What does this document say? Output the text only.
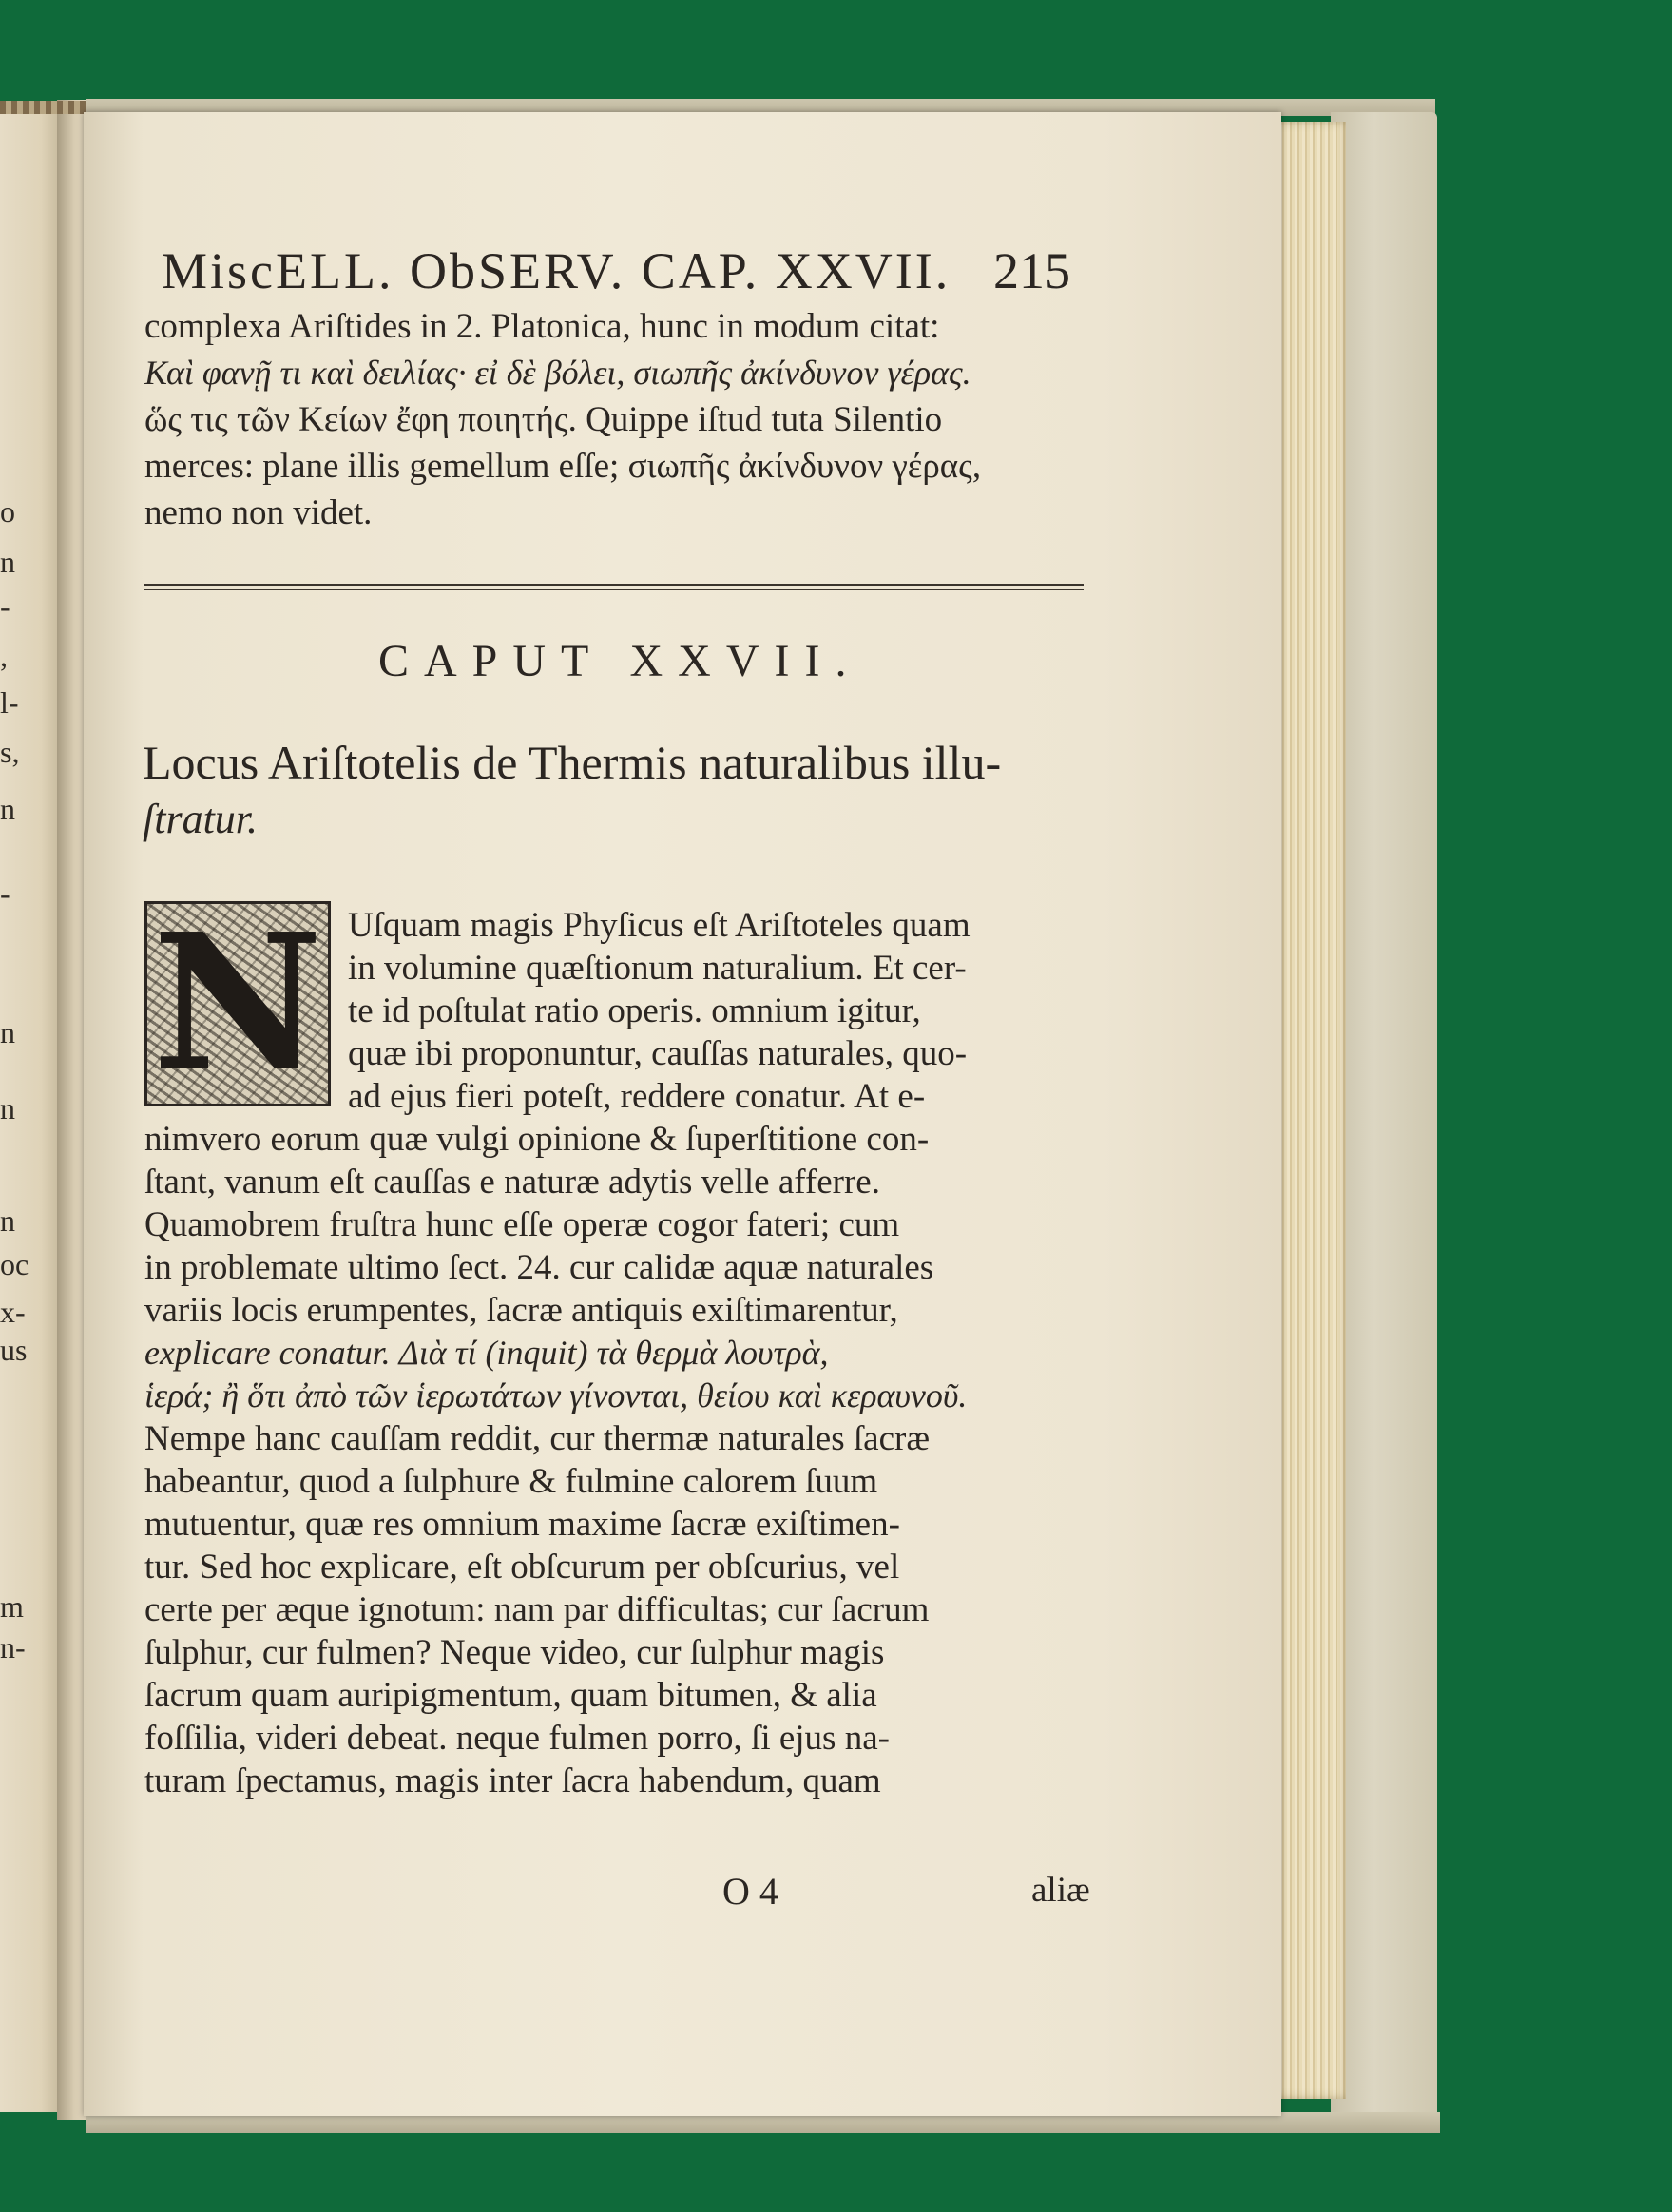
o
n
-
,
l-
s,
n
-
n
n
n
oc
x-
us
m
n-
MiscELL. ObSERV. CAP. XXVII. 215
complexa Ariſtides in 2. Platonica, hunc in modum citat:
Καὶ φανῇ τι καὶ δειλίας· εἰ δὲ βόλει, σιωπῆς ἀκίνδυνον γέρας.
ὥς τις τῶν Κείων ἔφη ποιητής. Quippe iſtud tuta Silentio
merces: plane illis gemellum eſſe; σιωπῆς ἀκίνδυνον γέρας,
nemo non videt.
CAPUT XXVII.
Locus Ariſtotelis de Thermis naturalibus illu-
ſtratur.
N Uſquam magis Phyſicus eſt Ariſtoteles quam
in volumine quæſtionum naturalium. Et cer-
te id poſtulat ratio operis. omnium igitur,
quæ ibi proponuntur, cauſſas naturales, quo-
ad ejus fieri poteſt, reddere conatur. At e-
nimvero eorum quæ vulgi opinione & ſuperſtitione con-
ſtant, vanum eſt cauſſas e naturæ adytis velle afferre.
Quamobrem fruſtra hunc eſſe operæ cogor fateri; cum
in problemate ultimo ſect. 24. cur calidæ aquæ naturales
variis locis erumpentes, ſacræ antiquis exiſtimarentur,
explicare conatur. Διὰ τί (inquit) τὰ θερμὰ λουτρὰ,
ἱερά; ἢ ὅτι ἀπὸ τῶν ἱερωτάτων γίνονται, θείου καὶ κεραυνοῦ.
Nempe hanc cauſſam reddit, cur thermæ naturales ſacræ
habeantur, quod a ſulphure & fulmine calorem ſuum
mutuentur, quæ res omnium maxime ſacræ exiſtimen-
tur. Sed hoc explicare, eſt obſcurum per obſcurius, vel
certe per æque ignotum: nam par difficultas; cur ſacrum
ſulphur, cur fulmen? Neque video, cur ſulphur magis
ſacrum quam auripigmentum, quam bitumen, & alia
foſſilia, videri debeat. neque fulmen porro, ſi ejus na-
turam ſpectamus, magis inter ſacra habendum, quam
O 4	aliæ
